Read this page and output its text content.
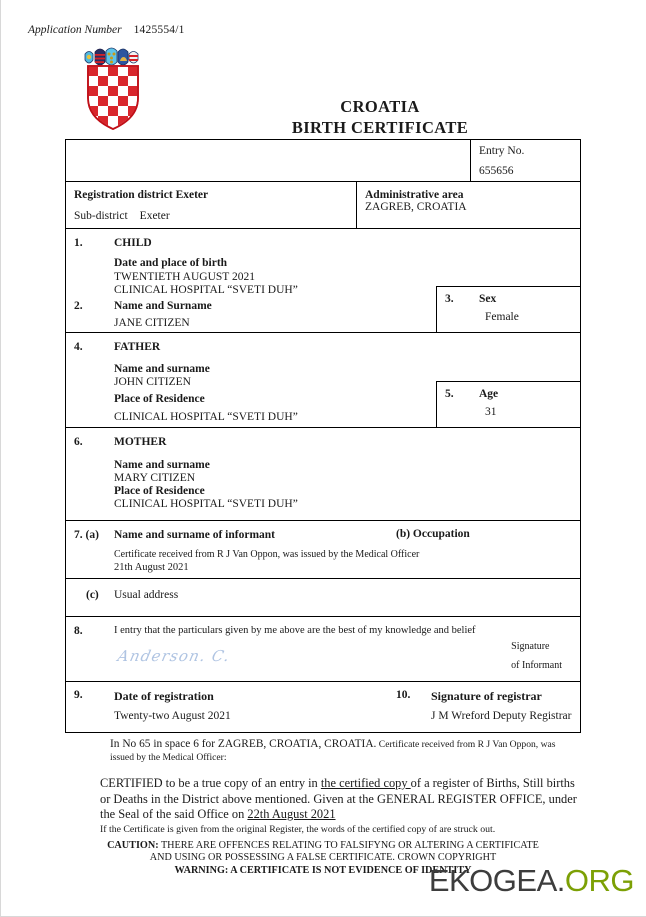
Application Number 1425554/1
CROATIA
BIRTH CERTIFICATE
Entry No.
655656
Registration district Exeter
Sub-district Exeter
Administrative area
ZAGREB, CROATIA
1.	CHILD
Date and place of birth
TWENTIETH AUGUST 2021
CLINICAL HOSPITAL “SVETI DUH”
2.	Name and Surname
JANE CITIZEN
3. Sex
Female
4.	FATHER
Name and surname
JOHN CITIZEN
Place of Residence
CLINICAL HOSPITAL “SVETI DUH”
5. Age
31
6.	MOTHER
Name and surname
MARY CITIZEN
Place of Residence
CLINICAL HOSPITAL “SVETI DUH”
7. (a) Name and surname of informant	(b) Occupation
Certificate received from R J Van Oppon, was issued by the Medical Officer
21th August 2021
(c) Usual address
8.	I entry that the particulars given by me above are the best of my knowledge and belief
Anderson. C.
Signature
of Informant
9.	Date of registration
Twenty-two August 2021
10. Signature of registrar
J M Wreford Deputy Registrar
In No 65 in space 6 for ZAGREB, CROATIA, CROATIA. Certificate received from R J Van Oppon, was
issued by the Medical Officer:
CERTIFIED to be a true copy of an entry in the certified copy of a register of Births, Still births or Deaths in the District above mentioned. Given at the GENERAL REGISTER OFFICE, under the Seal of the said Office on 22th August 2021
If the Certificate is given from the original Register, the words of the certified copy of are struck out.
CAUTION: THERE ARE OFFENCES RELATING TO FALSIFYNG OR ALTERING A CERTIFICATE
AND USING OR POSSESSING A FALSE CERTIFICATE. CROWN COPYRIGHT
WARNING: A CERTIFICATE IS NOT EVIDENCE OF IDENTITY
EKOGEA.ORG
